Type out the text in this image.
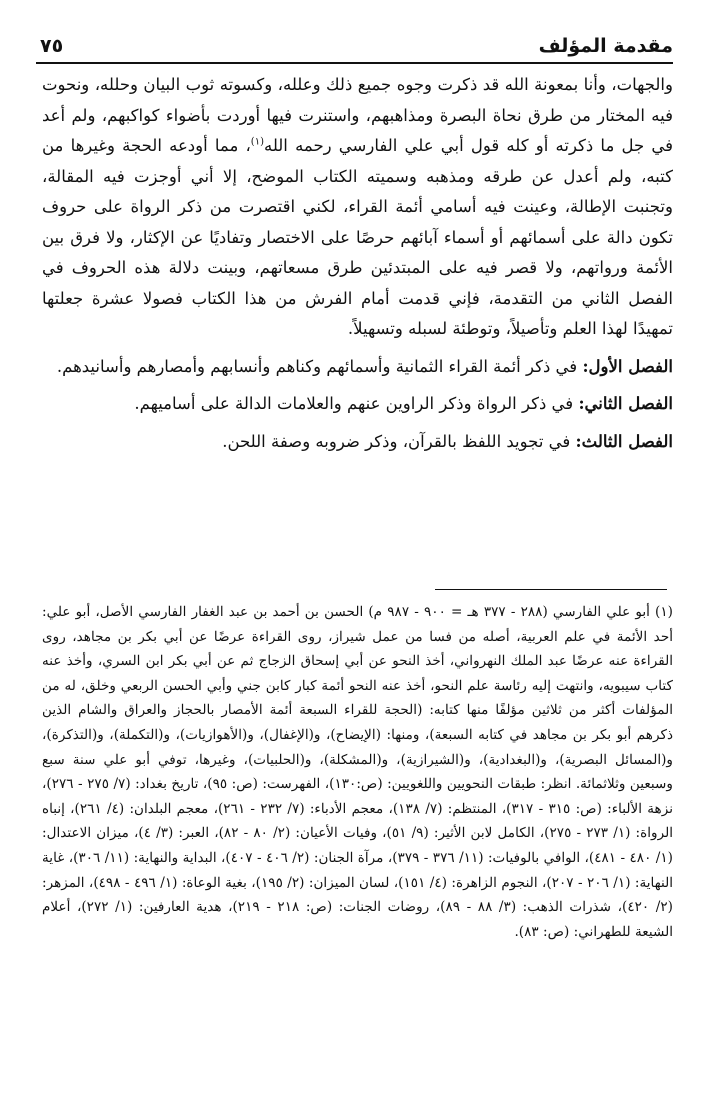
مقدمة المؤلف
٧٥

والجهات، وأنا بمعونة الله قد ذكرت وجوه جميع ذلك وعلله، وكسوته ثوب البيان وحلله، ونحوت فيه المختار من طرق نحاة البصرة ومذاهبهم، واستنرت فيها أوردت بأضواء كواكبهم، ولم أعد في جل ما ذكرته أو كله قول أبي علي الفارسي رحمه الله$^{(١)}$، مما أودعه الحجة وغيرها من كتبه، ولم أعدل عن طرقه ومذهبه وسميته الكتاب الموضح، إلا أني أوجزت فيه المقالة، وتجنبت الإطالة، وعينت فيه أسامي أئمة القراء، لكني اقتصرت من ذكر الرواة على حروف تكون دالة على أسمائهم أو أسماء آبائهم حرصًا على الاختصار وتفاديًا عن الإكثار، ولا فرق بين الأئمة ورواتهم، ولا قصر فيه على المبتدئين طرق مسعاتهم، وبينت دلالة هذه الحروف في الفصل الثاني من التقدمة، فإني قدمت أمام الفرش من هذا الكتاب فصولا عشرة جعلتها تمهيدًا لهذا العلم وتأصيلاً، وتوطئة لسبله وتسهيلاً.

الفصل الأول: في ذكر أئمة القراء الثمانية وأسمائهم وكناهم وأنسابهم وأمصارهم وأسانيدهم.

الفصل الثاني: في ذكر الرواة وذكر الراوين عنهم والعلامات الدالة على أساميهم.

الفصل الثالث: في تجويد اللفظ بالقرآن، وذكر ضروبه وصفة اللحن.

(١) أبو علي الفارسي (٢٨٨ - ٣٧٧ هـ = ٩٠٠ - ٩٨٧ م) الحسن بن أحمد بن عبد الغفار الفارسي الأصل، أبو علي: أحد الأئمة في علم العربية، أصله من فسا من عمل شيراز، روى القراءة عرضًا عن أبي بكر بن مجاهد، روى القراءة عنه عرضًا عبد الملك النهرواني، أخذ النحو عن أبي إسحاق الزجاج ثم عن أبي بكر ابن السري، وأخذ عنه كتاب سيبويه، وانتهت إليه رئاسة علم النحو، أخذ عنه النحو أئمة كبار كابن جني وأبي الحسن الربعي وخلق، له من المؤلفات أكثر من ثلاثين مؤلفًا منها كتابه: (الحجة للقراء السبعة أئمة الأمصار بالحجاز والعراق والشام الذين ذكرهم أبو بكر بن مجاهد في كتابه السبعة)، ومنها: (الإيضاح)، و(الإغفال)، و(الأهوازيات)، و(التكملة)، و(التذكرة)، و(المسائل البصرية)، و(البغدادية)، و(الشيرازية)، و(المشكلة)، و(الحلبيات)، وغيرها، توفي أبو علي سنة سبع وسبعين وثلاثمائة. انظر: طبقات النحويين واللغويين: (ص:١٣٠)، الفهرست: (ص: ٩٥)، تاريخ بغداد: (٧/ ٢٧٥ - ٢٧٦)، نزهة الألباء: (ص: ٣١٥ - ٣١٧)، المنتظم: (٧/ ١٣٨)، معجم الأدباء: (٧/ ٢٣٢ - ٢٦١)، معجم البلدان: (٤/ ٢٦١)، إنباه الرواة: (١/ ٢٧٣ - ٢٧٥)، الكامل لابن الأثير: (٩/ ٥١)، وفيات الأعيان: (٢/ ٨٠ - ٨٢)، العبر: (٣/ ٤)، ميزان الاعتدال: (١/ ٤٨٠ - ٤٨١)، الوافي بالوفيات: (١١/ ٣٧٦ - ٣٧٩)، مرآة الجنان: (٢/ ٤٠٦ - ٤٠٧)، البداية والنهاية: (١١/ ٣٠٦)، غاية النهاية: (١/ ٢٠٦ - ٢٠٧)، النجوم الزاهرة: (٤/ ١٥١)، لسان الميزان: (٢/ ١٩٥)، بغية الوعاة: (١/ ٤٩٦ - ٤٩٨)، المزهر: (٢/ ٤٢٠)، شذرات الذهب: (٣/ ٨٨ - ٨٩)، روضات الجنات: (ص: ٢١٨ - ٢١٩)، هدية العارفين: (١/ ٢٧٢)، أعلام الشيعة للطهراني: (ص: ٨٣).
